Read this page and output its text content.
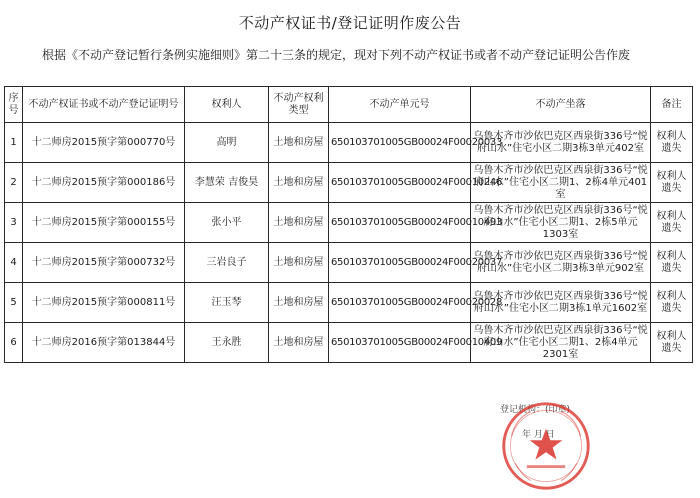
不动产权证书/登记证明作废公告
根据《不动产登记暂行条例实施细则》第二十三条的规定，现对下列不动产权证书或者不动产登记证明公告作废
序号	不动产权证书或不动产登记证明号	权利人	不动产权利类型	不动产单元号	不动产坐落	备注
1	十二师房2015预字第000770号	高明	土地和房屋	650103701005GB00024F00020033	乌鲁木齐市沙依巴克区西泉街336号“悦府山水”住宅小区二期3栋3单元402室	权利人遗失
2	十二师房2015预字第000186号	李慧荣 吉俊昊	土地和房屋	650103701005GB00024F00010246	乌鲁木齐市沙依巴克区西泉街336号“悦府山水”住宅小区二期1、2栋4单元401室	权利人遗失
3	十二师房2015预字第000155号	张小平	土地和房屋	650103701005GB00024F00010493	乌鲁木齐市沙依巴克区西泉街336号“悦府山水”住宅小区二期1、2栋5单元1303室	权利人遗失
4	十二师房2015预字第000732号	三岩良子	土地和房屋	650103701005GB00024F00020037	乌鲁木齐市沙依巴克区西泉街336号“悦府山水”住宅小区二期3栋3单元902室	权利人遗失
5	十二师房2015预字第000811号	汪玉琴	土地和房屋	650103701005GB00024F00020028	乌鲁木齐市沙依巴克区西泉街336号“悦府山水”住宅小区二期3栋1单元1602室	权利人遗失
6	十二师房2016预字第013844号	王永胜	土地和房屋	650103701005GB00024F00010409	乌鲁木齐市沙依巴克区西泉街336号“悦府山水”住宅小区二期1、2栋4单元2301室	权利人遗失
登记机构：(印章)
年 月 日
